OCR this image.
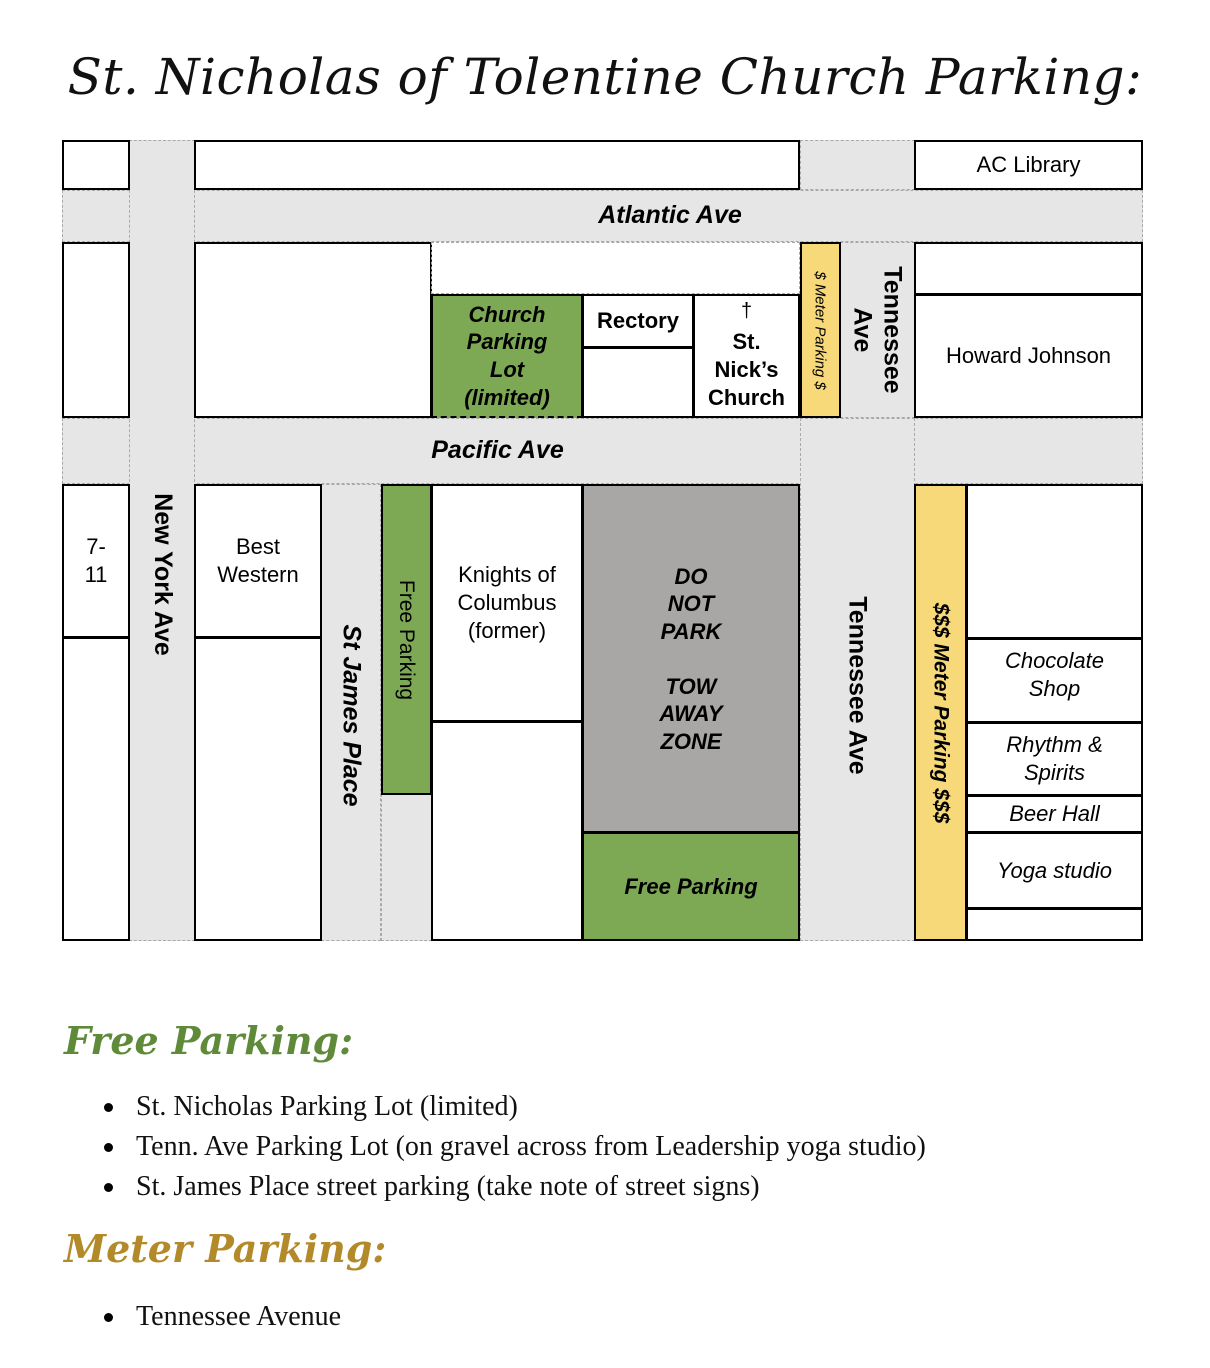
St. Nicholas of Tolentine Church Parking:
AC Library
Church
Parking
Lot
(limited)
Rectory	†
St.
Nick’s
Church
$ Meter Parking $	Tennessee
Ave
Howard Johnson
7-
11
Best
Western
Free Parking
Knights of
Columbus
(former)
DO
NOT
PARK

TOW
AWAY
ZONE
Free Parking
$$$ Meter Parking $$$	Chocolate
Shop
Rhythm &
Spirits
Beer Hall
Yoga studio
Atlantic Ave
Pacific Ave
New York Ave
St James Place	Tennessee Ave
Free Parking:
St. Nicholas Parking Lot (limited)
Tenn. Ave Parking Lot (on gravel across from Leadership yoga studio)
St. James Place street parking (take note of street signs)
Meter Parking:
Tennessee Avenue
